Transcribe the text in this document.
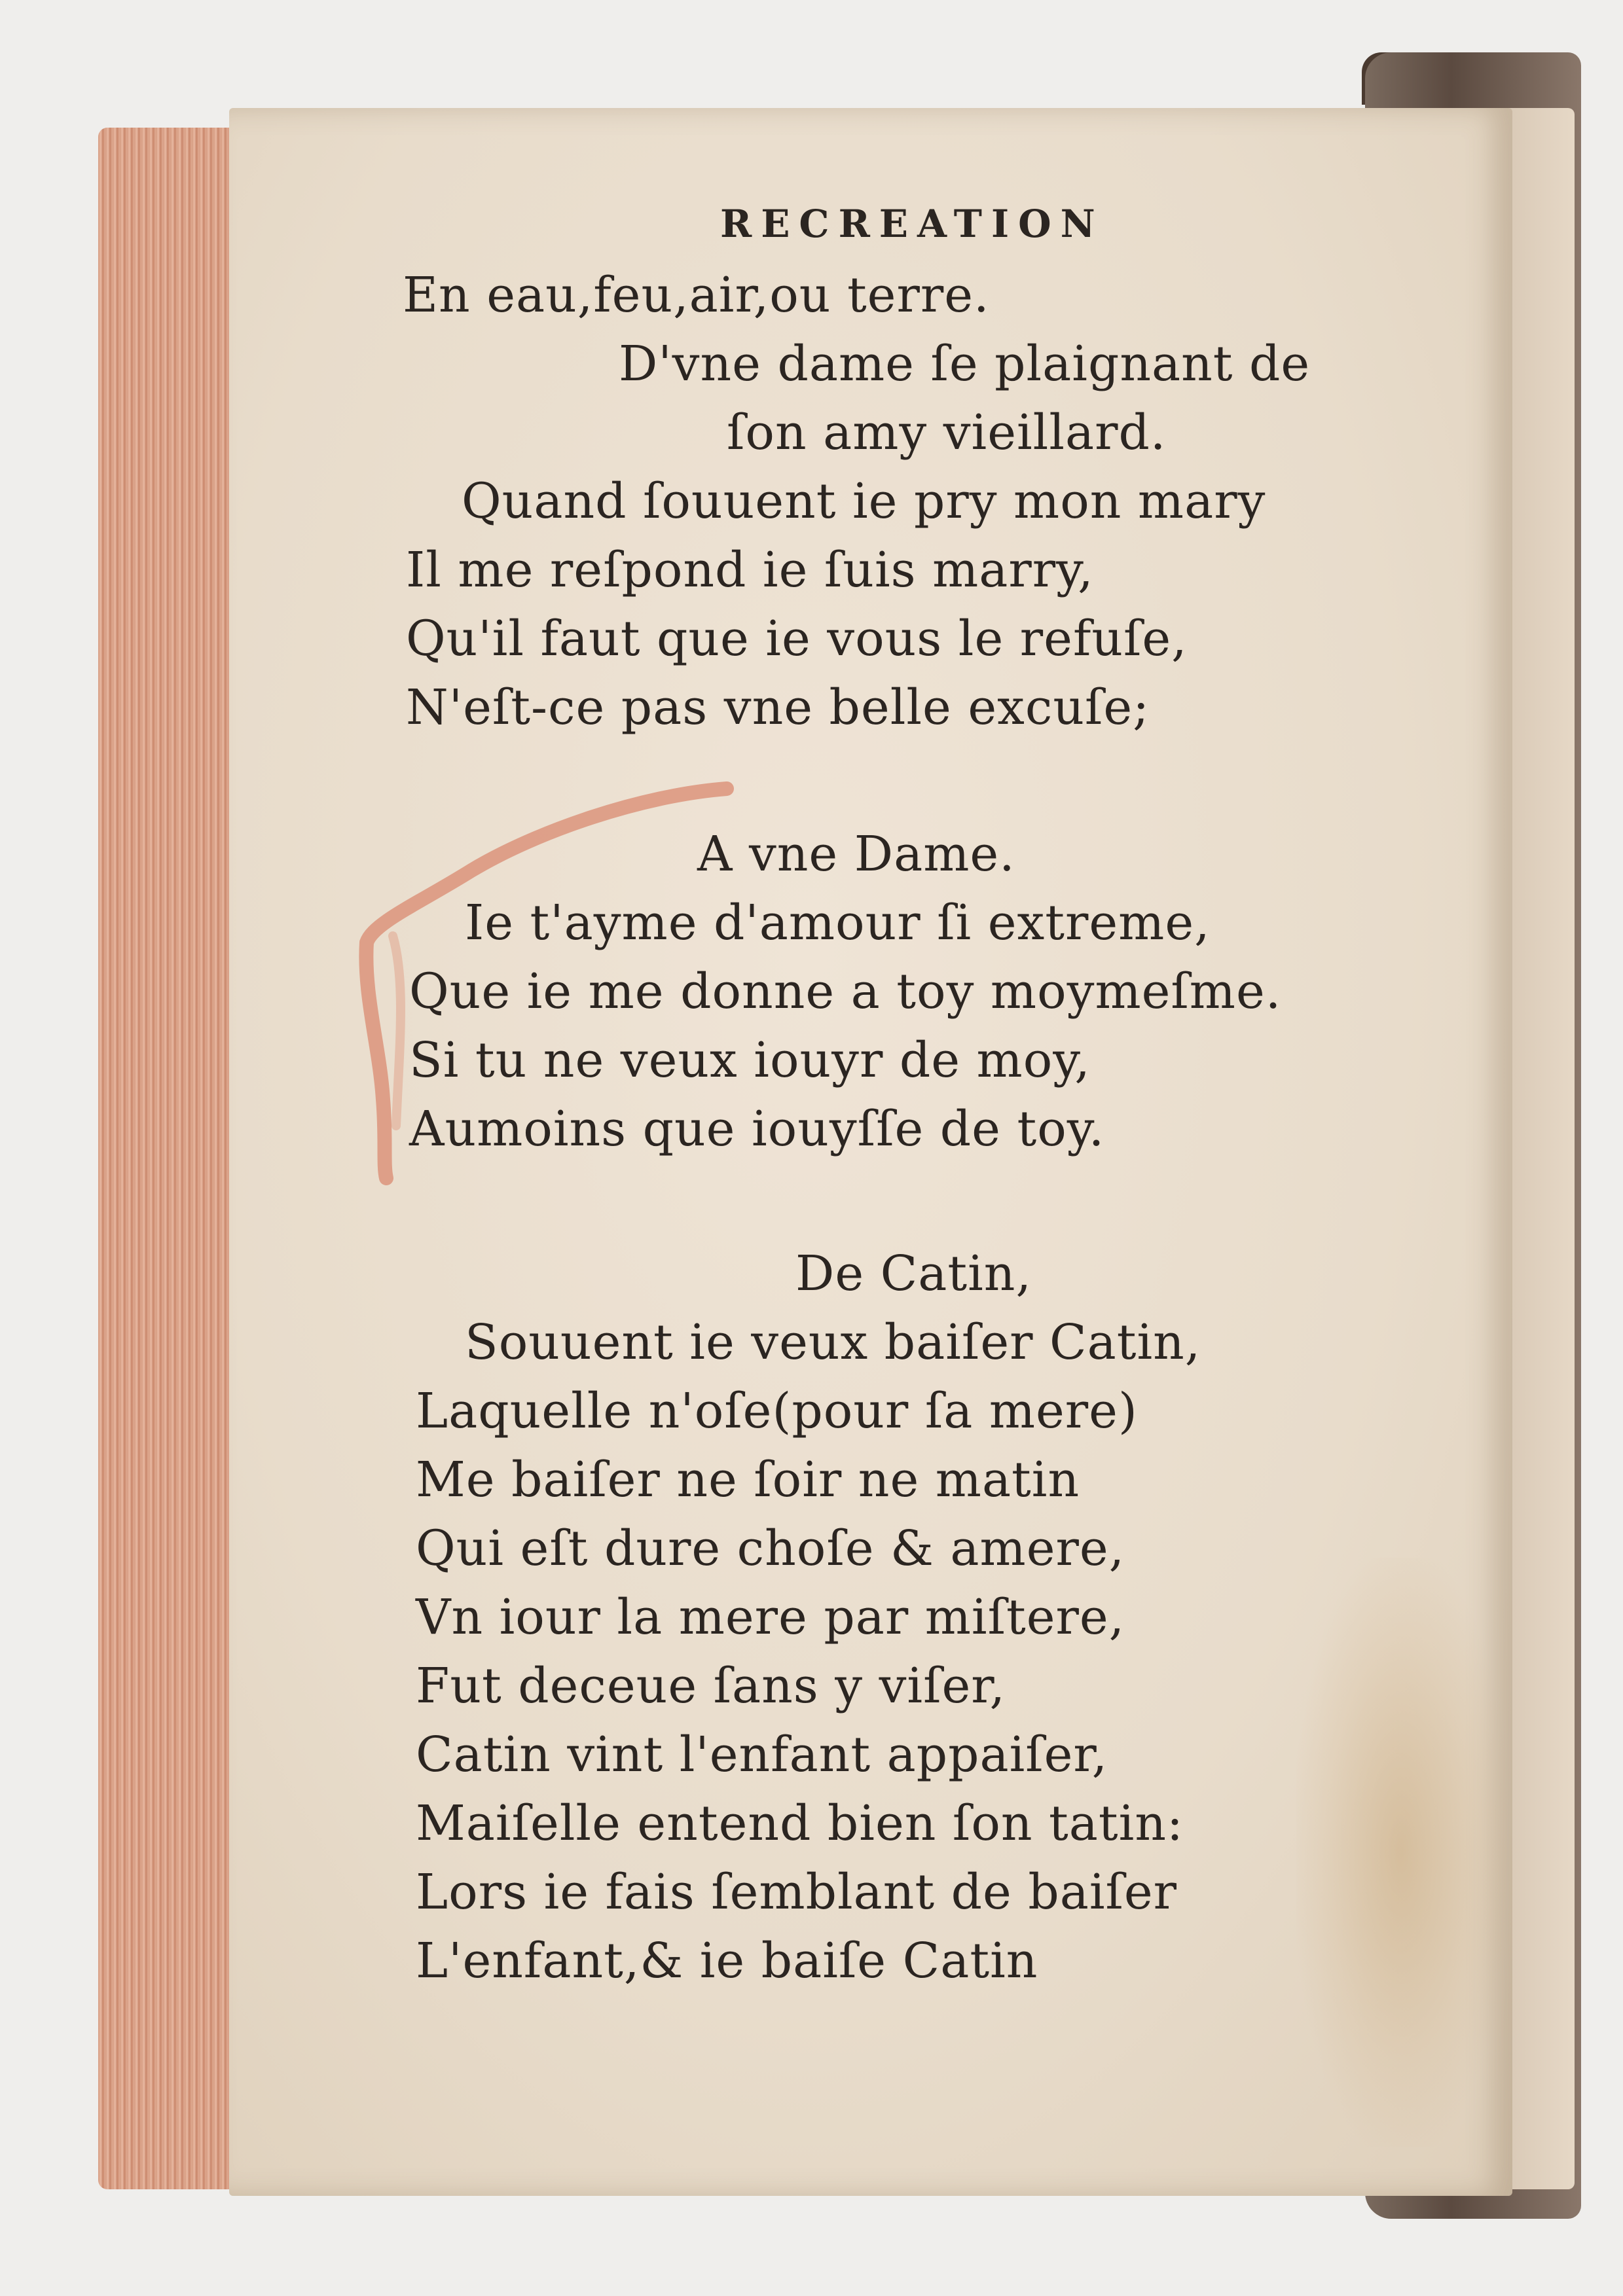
RECREATION
En eau,feu,air,ou terre.
D'vne dame ſe plaignant de
ſon amy vieillard.
Quand ſouuent ie pry mon mary
Il me reſpond ie ſuis marry,
Qu'il faut que ie vous le refuſe,
N'eſt-ce pas vne belle excuſe;
A vne Dame.
Ie t'ayme d'amour ſi extreme,
Que ie me donne a toy moymeſme.
Si tu ne veux iouyr de moy,
Aumoins que iouyſſe de toy.
De Catin,
Souuent ie veux baiſer Catin,
Laquelle n'oſe(pour ſa mere)
Me baiſer ne ſoir ne matin
Qui eſt dure choſe & amere,
Vn iour la mere par miſtere,
Fut deceue ſans y viſer,
Catin vint l'enfant appaiſer,
Maiſelle entend bien ſon tatin:
Lors ie fais ſemblant de baiſer
L'enfant,& ie baiſe Catin
